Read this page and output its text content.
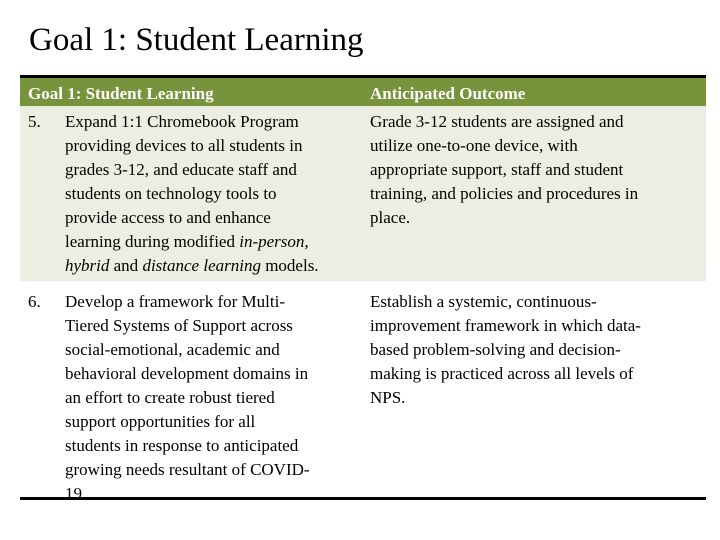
Goal 1: Student Learning
Goal 1: Student Learning	Anticipated Outcome
5. Expand 1:1 Chromebook Program
providing devices to all students in
grades 3-12, and educate staff and
students on technology tools to
provide access to and enhance
learning during modified in-person,
hybrid and distance learning models.
Grade 3-12 students are assigned and
utilize one-to-one device, with
appropriate support, staff and student
training, and policies and procedures in
place.
6. Develop a framework for Multi-
Tiered Systems of Support across
social-emotional, academic and
behavioral development domains in
an effort to create robust tiered
support opportunities for all
students in response to anticipated
growing needs resultant of COVID-
19.
Establish a systemic, continuous-
improvement framework in which data-
based problem-solving and decision-
making is practiced across all levels of
NPS.
